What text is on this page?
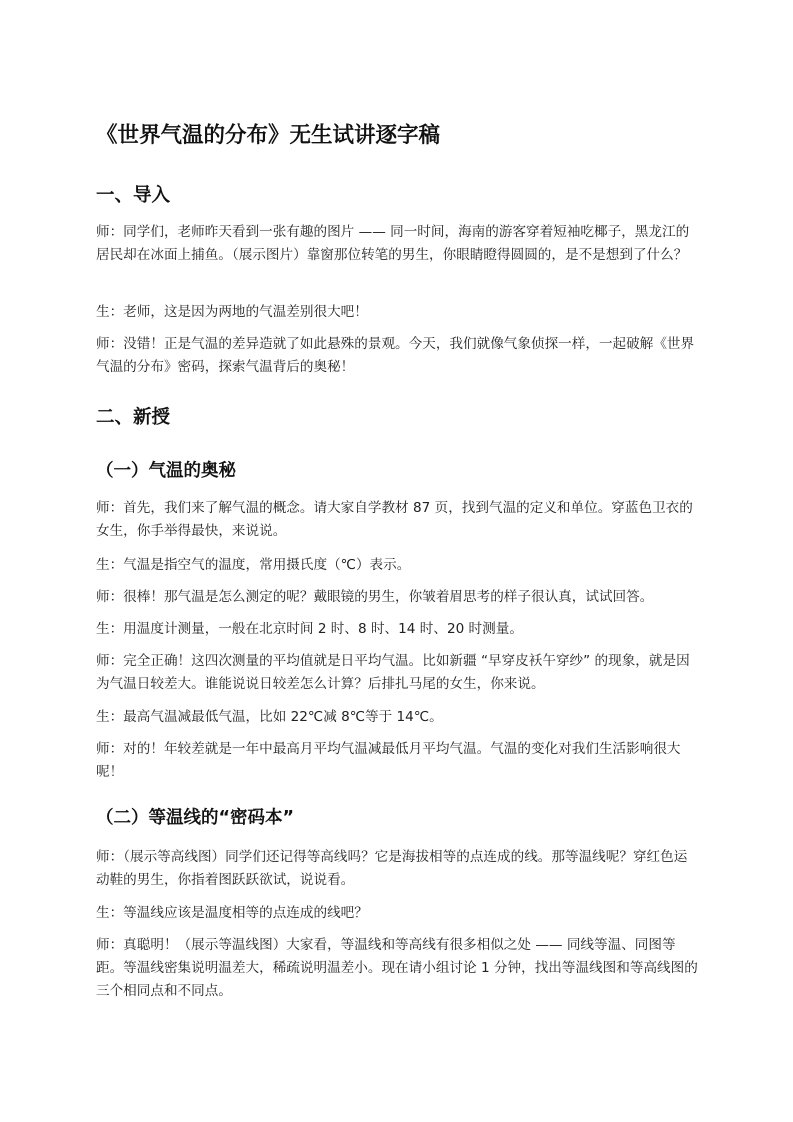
《世界气温的分布》无生试讲逐字稿
一、导入

师：同学们，老师昨天看到一张有趣的图片 —— 同一时间，海南的游客穿着短袖吃椰子，黑龙江的居民却在冰面上捕鱼。（展示图片）靠窗那位转笔的男生，你眼睛瞪得圆圆的，是不是想到了什么？

生：老师，这是因为两地的气温差别很大吧！

师：没错！正是气温的差异造就了如此悬殊的景观。今天，我们就像气象侦探一样，一起破解《世界气温的分布》密码，探索气温背后的奥秘！

二、新授
（一）气温的奥秘

师：首先，我们来了解气温的概念。请大家自学教材 87 页，找到气温的定义和单位。穿蓝色卫衣的女生，你手举得最快，来说说。

生：气温是指空气的温度，常用摄氏度（℃）表示。

师：很棒！那气温是怎么测定的呢？戴眼镜的男生，你皱着眉思考的样子很认真，试试回答。

生：用温度计测量，一般在北京时间 2 时、8 时、14 时、20 时测量。

师：完全正确！这四次测量的平均值就是日平均气温。比如新疆 “早穿皮袄午穿纱” 的现象，就是因为气温日较差大。谁能说说日较差怎么计算？后排扎马尾的女生，你来说。

生：最高气温减最低气温，比如 22℃减 8℃等于 14℃。

师：对的！年较差就是一年中最高月平均气温减最低月平均气温。气温的变化对我们生活影响很大呢！

（二）等温线的“密码本”

师：（展示等高线图）同学们还记得等高线吗？它是海拔相等的点连成的线。那等温线呢？穿红色运动鞋的男生，你指着图跃跃欲试，说说看。

生：等温线应该是温度相等的点连成的线吧？

师：真聪明！（展示等温线图）大家看，等温线和等高线有很多相似之处 —— 同线等温、同图等距。等温线密集说明温差大，稀疏说明温差小。现在请小组讨论 1 分钟，找出等温线图和等高线图的三个相同点和不同点。
